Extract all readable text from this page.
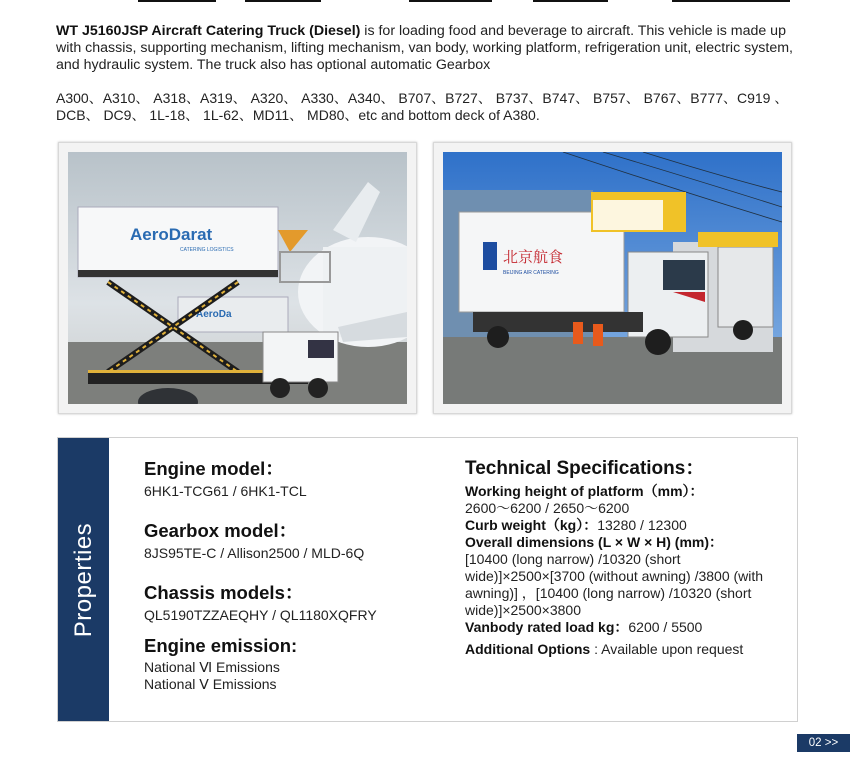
WT J5160JSP Aircraft Catering Truck (Diesel) is for loading food and beverage to aircraft. This vehicle is made up with chassis, supporting mechanism, lifting mechanism, van body, working platform, refrigeration unit, electric system, and hydraulic system. The truck also has optional automatic Gearbox
A300、A310、 A318、A319、 A320、 A330、A340、 B707、B727、 B737、B747、 B757、 B767、B777、C919 、DCB、 DC9、 1L-18、 1L-62、MD11、 MD80、etc and bottom deck of A380.
AeroDarat
CATERING LOGISTICS
AeroDa
北京航食
BEIJING AIR CATERING
Properties
Engine model：
6HK1-TCG61 / 6HK1-TCL
Gearbox model：
8JS95TE-C / Allison2500 / MLD-6Q
Chassis models：
QL5190TZZAEQHY / QL1180XQFRY
Engine emission:
National Ⅵ Emissions
National Ⅴ Emissions
Technical Specifications：
Working height of platform（mm）：
2600～6200 / 2650～6200
Curb weight（kg）：13280 / 12300
Overall dimensions (L × W × H) (mm)：
[10400 (long narrow) /10320 (short wide)]×2500×[3700 (without awning) /3800 (with awning)] ，[10400 (long narrow) /10320 (short wide)]×2500×3800
Vanbody rated load kg：6200 / 5500
Additional Options : Available upon request
02 >>
